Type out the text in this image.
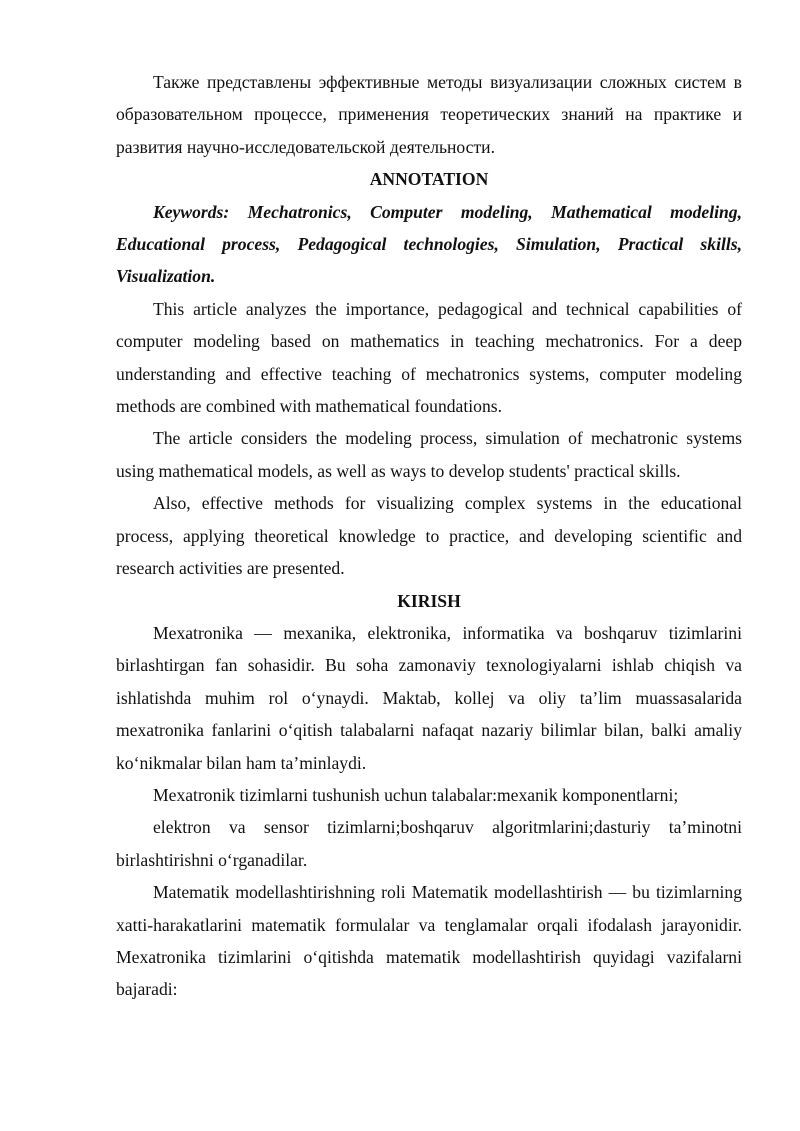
Также представлены эффективные методы визуализации сложных систем в образовательном процессе, применения теоретических знаний на практике и развития научно-исследовательской деятельности.

ANNOTATION

Keywords: Mechatronics, Computer modeling, Mathematical modeling, Educational process, Pedagogical technologies, Simulation, Practical skills, Visualization.

This article analyzes the importance, pedagogical and technical capabilities of computer modeling based on mathematics in teaching mechatronics. For a deep understanding and effective teaching of mechatronics systems, computer modeling methods are combined with mathematical foundations.

The article considers the modeling process, simulation of mechatronic systems using mathematical models, as well as ways to develop students' practical skills.

Also, effective methods for visualizing complex systems in the educational process, applying theoretical knowledge to practice, and developing scientific and research activities are presented.

KIRISH

Mexatronika — mexanika, elektronika, informatika va boshqaruv tizimlarini birlashtirgan fan sohasidir. Bu soha zamonaviy texnologiyalarni ishlab chiqish va ishlatishda muhim rol o‘ynaydi. Maktab, kollej va oliy ta’lim muassasalarida mexatronika fanlarini o‘qitish talabalarni nafaqat nazariy bilimlar bilan, balki amaliy ko‘nikmalar bilan ham ta’minlaydi.

Mexatronik tizimlarni tushunish uchun talabalar:mexanik komponentlarni;

elektron va sensor tizimlarni;boshqaruv algoritmlarini;dasturiy ta’minotni birlashtirishni o‘rganadilar.

Matematik modellashtirishning roli Matematik modellashtirish — bu tizimlarning xatti-harakatlarini matematik formulalar va tenglamalar orqali ifodalash jarayonidir. Mexatronika tizimlarini o‘qitishda matematik modellashtirish quyidagi vazifalarni bajaradi:
